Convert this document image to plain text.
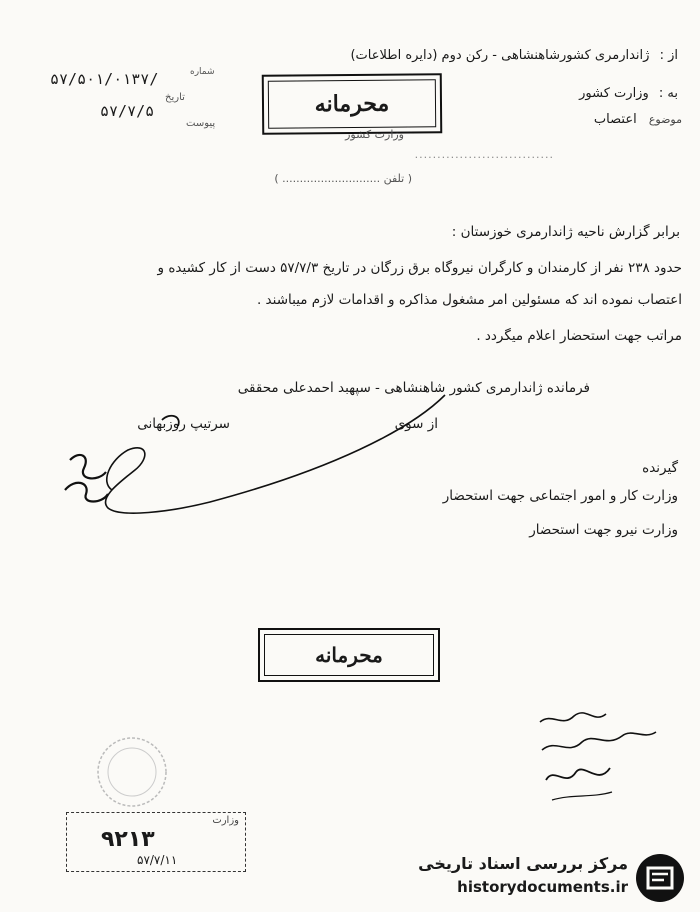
از : ژاندارمری کشورشاهنشاهی - رکن دوم (دایره اطلاعات)
به : وزارت کشور
موضوع اعتصاب
۵۷/۵۰۱/۰۱۳۷/	شماره
تاریخ
۵۷/۷/۵
پیوست
محرمانه
وزارت کشور
...............................
( تلفن ............................ )
برابر گزارش ناحیه ژاندارمری خوزستان :
حدود ۲۳۸ نفر از کارمندان و کارگران نیروگاه برق زرگان در تاریخ ۵۷/۷/۳ دست از کار کشیده و
اعتصاب نموده اند که مسئولین امر مشغول مذاکره و اقدامات لازم میباشند .
مراتب جهت استحضار اعلام میگردد .
فرمانده ژاندارمری کشور شاهنشاهی - سپهبد احمدعلی محققی
از سوی
سرتیپ روزبهانی
گیرنده
وزارت کار و امور اجتماعی جهت استحضار
وزارت نیرو جهت استحضار
محرمانه
وزارت
۹۲۱۳
۵۷/۷/۱۱	مرکز بررسی اسناد تاریخی
historydocuments.ir
